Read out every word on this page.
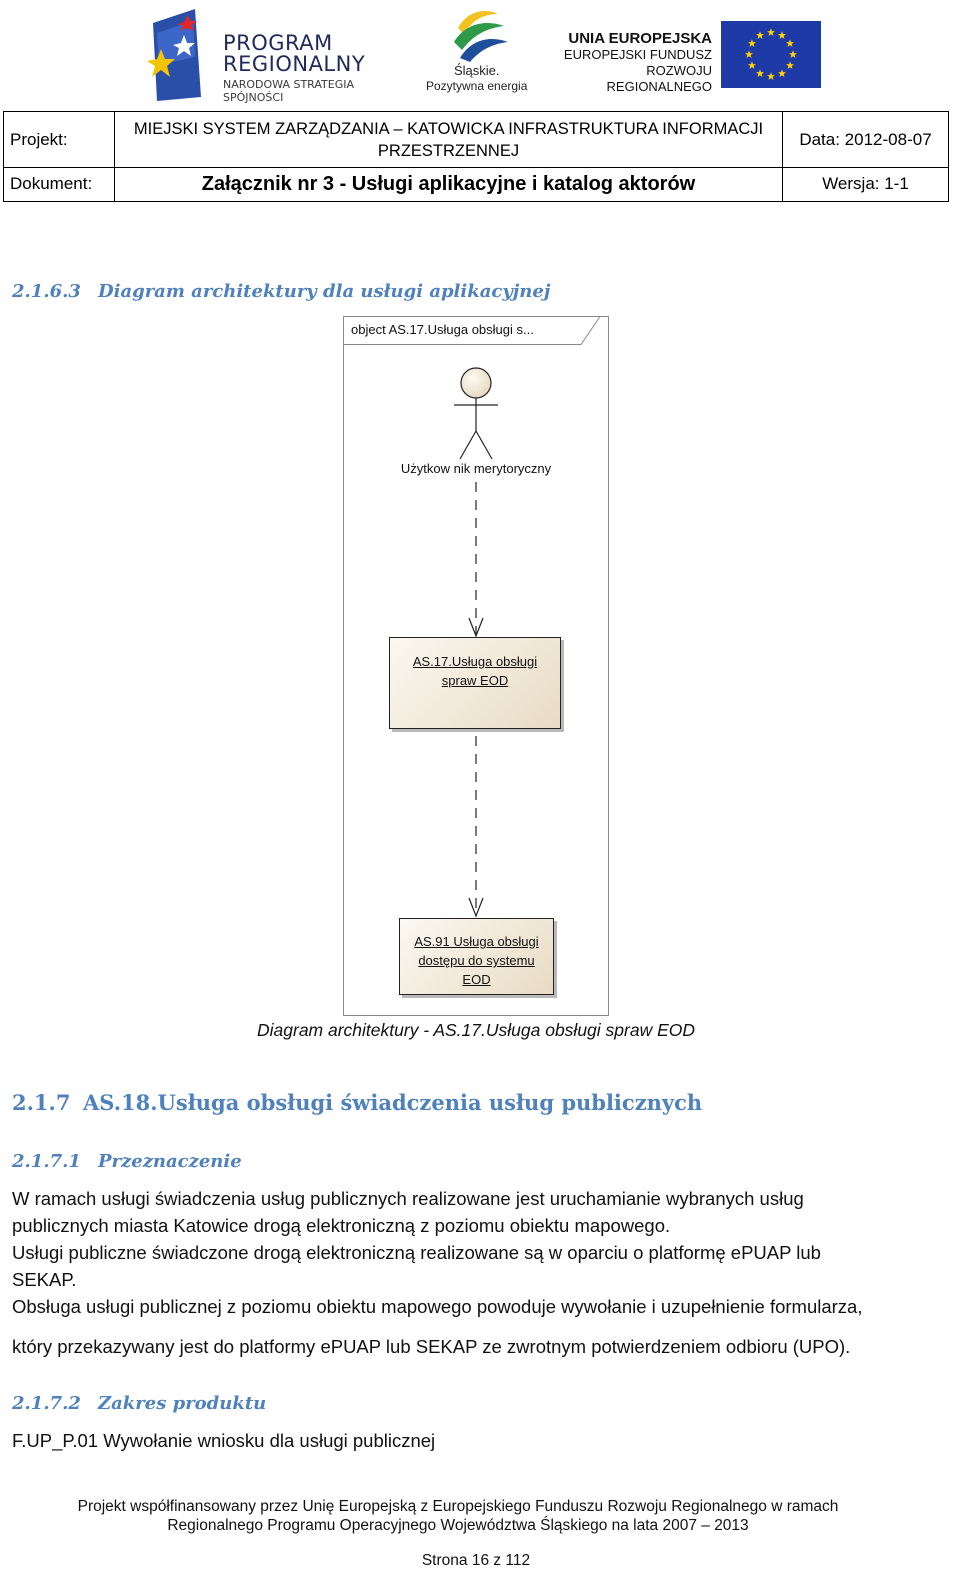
PROGRAM
REGIONALNY
NARODOWA STRATEGIA SPÓJNOŚCI
Śląskie.
Pozytywna energia
UNIA EUROPEJSKA
EUROPEJSKI FUNDUSZ
ROZWOJU REGIONALNEGO
Projekt:
MIEJSKI SYSTEM ZARZĄDZANIA – KATOWICKA INFRASTRUKTURA INFORMACJI
PRZESTRZENNEJ
Data: 2012-08-07
Dokument:	Załącznik nr 3 - Usługi aplikacyjne i katalog aktorów	Wersja: 1-1
2.1.6.3 Diagram architektury dla usługi aplikacyjnej
object AS.17.Usługa obsługi s...
Użytkow nik merytoryczny
AS.17.Usługa obsługi
spraw EOD
AS.91 Usługa obsługi
dostępu do systemu
EOD
Diagram architektury - AS.17.Usługa obsługi spraw EOD
2.1.7 AS.18.Usługa obsługi świadczenia usług publicznych
2.1.7.1 Przeznaczenie
W ramach usługi świadczenia usług publicznych realizowane jest uruchamianie wybranych usług
publicznych miasta Katowice drogą elektroniczną z poziomu obiektu mapowego.
Usługi publiczne świadczone drogą elektroniczną realizowane są w oparciu o platformę ePUAP lub
SEKAP.
Obsługa usługi publicznej z poziomu obiektu mapowego powoduje wywołanie i uzupełnienie formularza,
który przekazywany jest do platformy ePUAP lub SEKAP ze zwrotnym potwierdzeniem odbioru (UPO).
2.1.7.2 Zakres produktu
F.UP_P.01 Wywołanie wniosku dla usługi publicznej
Projekt współfinansowany przez Unię Europejską z Europejskiego Funduszu Rozwoju Regionalnego w ramach
Regionalnego Programu Operacyjnego Województwa Śląskiego na lata 2007 – 2013
Strona 16 z 112
